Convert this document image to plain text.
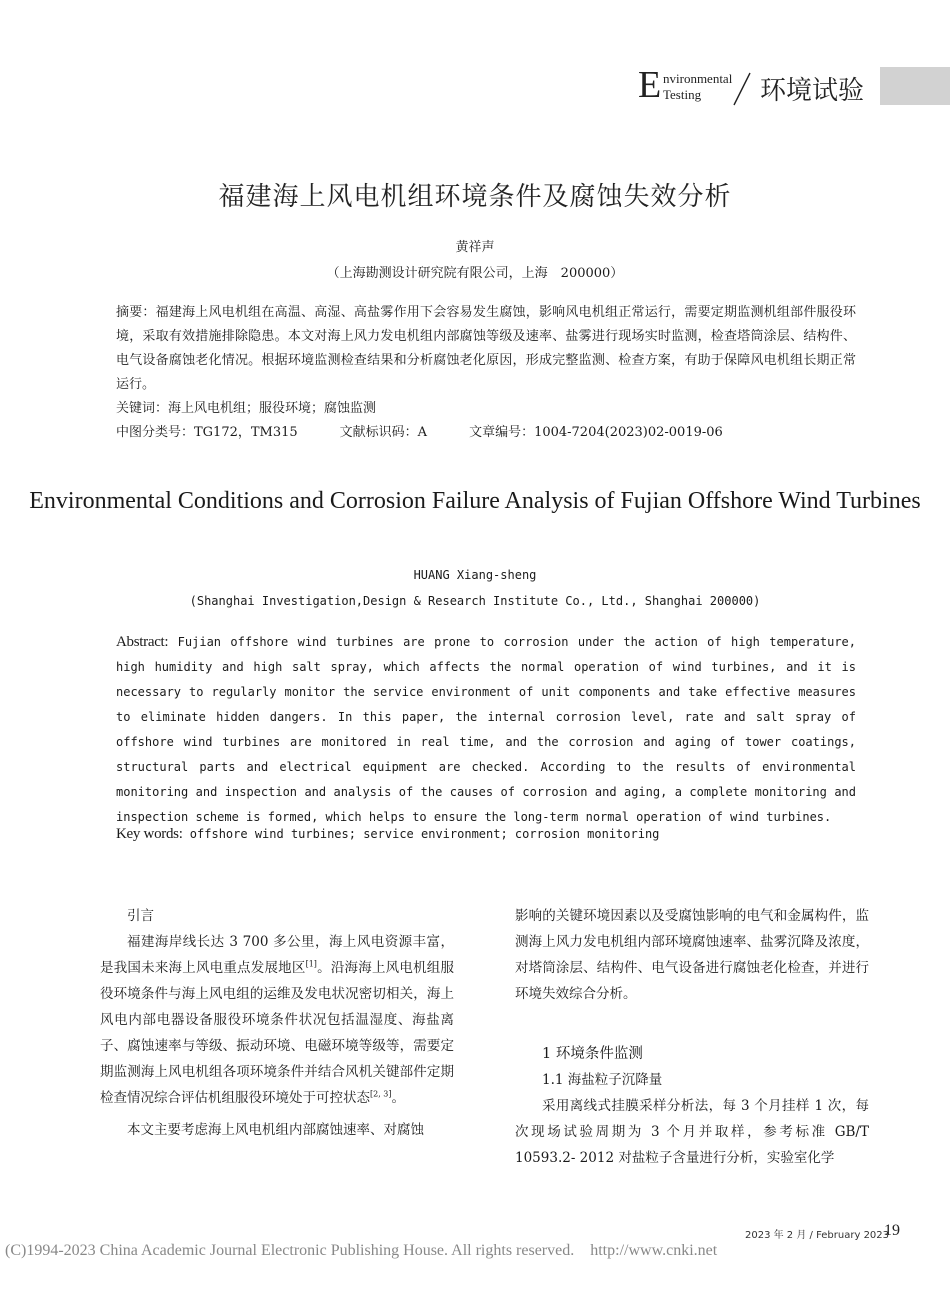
E nvironmental
Testing 环境试验
福建海上风电机组环境条件及腐蚀失效分析
黄祥声
（上海勘测设计研究院有限公司，上海　200000）
摘要：福建海上风电机组在高温、高湿、高盐雾作用下会容易发生腐蚀，影响风电机组正常运行，需要定期监测机组部件服役环境，采取有效措施排除隐患。本文对海上风力发电机组内部腐蚀等级及速率、盐雾进行现场实时监测，检查塔筒涂层、结构件、电气设备腐蚀老化情况。根据环境监测检查结果和分析腐蚀老化原因，形成完整监测、检查方案，有助于保障风电机组长期正常运行。
关键词：海上风电机组；服役环境；腐蚀监测
中图分类号：TG172，TM315	文献标识码：A	文章编号：1004-7204(2023)02-0019-06
Environmental Conditions and Corrosion Failure Analysis of Fujian Offshore Wind Turbines
HUANG Xiang-sheng
(Shanghai Investigation,Design & Research Institute Co., Ltd., Shanghai 200000)
Abstract: Fujian offshore wind turbines are prone to corrosion under the action of high temperature, high humidity and high salt spray, which affects the normal operation of wind turbines, and it is necessary to regularly monitor the service environment of unit components and take effective measures to eliminate hidden dangers. In this paper, the internal corrosion level, rate and salt spray of offshore wind turbines are monitored in real time, and the corrosion and aging of tower coatings, structural parts and electrical equipment are checked. According to the results of environmental monitoring and inspection and analysis of the causes of corrosion and aging, a complete monitoring and inspection scheme is formed, which helps to ensure the long-term normal operation of wind turbines.
Key words: offshore wind turbines; service environment; corrosion monitoring

引言

福建海岸线长达 3 700 多公里，海上风电资源丰富，是我国未来海上风电重点发展地区[1]。沿海海上风电机组服役环境条件与海上风电组的运维及发电状况密切相关，海上风电内部电器设备服役环境条件状况包括温湿度、海盐离子、腐蚀速率与等级、振动环境、电磁环境等级等，需要定期监测海上风电机组各项环境条件并结合风机关键部件定期检查情况综合评估机组服役环境处于可控状态[2, 3]。

本文主要考虑海上风电机组内部腐蚀速率、对腐蚀

影响的关键环境因素以及受腐蚀影响的电气和金属构件，监测海上风力发电机组内部环境腐蚀速率、盐雾沉降及浓度，对塔筒涂层、结构件、电气设备进行腐蚀老化检查，并进行环境失效综合分析。

1 环境条件监测

1.1 海盐粒子沉降量

采用离线式挂膜采样分析法，每 3 个月挂样 1 次，每次现场试验周期为 3 个月并取样，参考标准 GB/T 10593.2- 2012 对盐粒子含量进行分析，实验室化学

2023 年 2 月 / February 2023
19
(C)1994-2023 China Academic Journal Electronic Publishing House. All rights reserved. http://www.cnki.net
